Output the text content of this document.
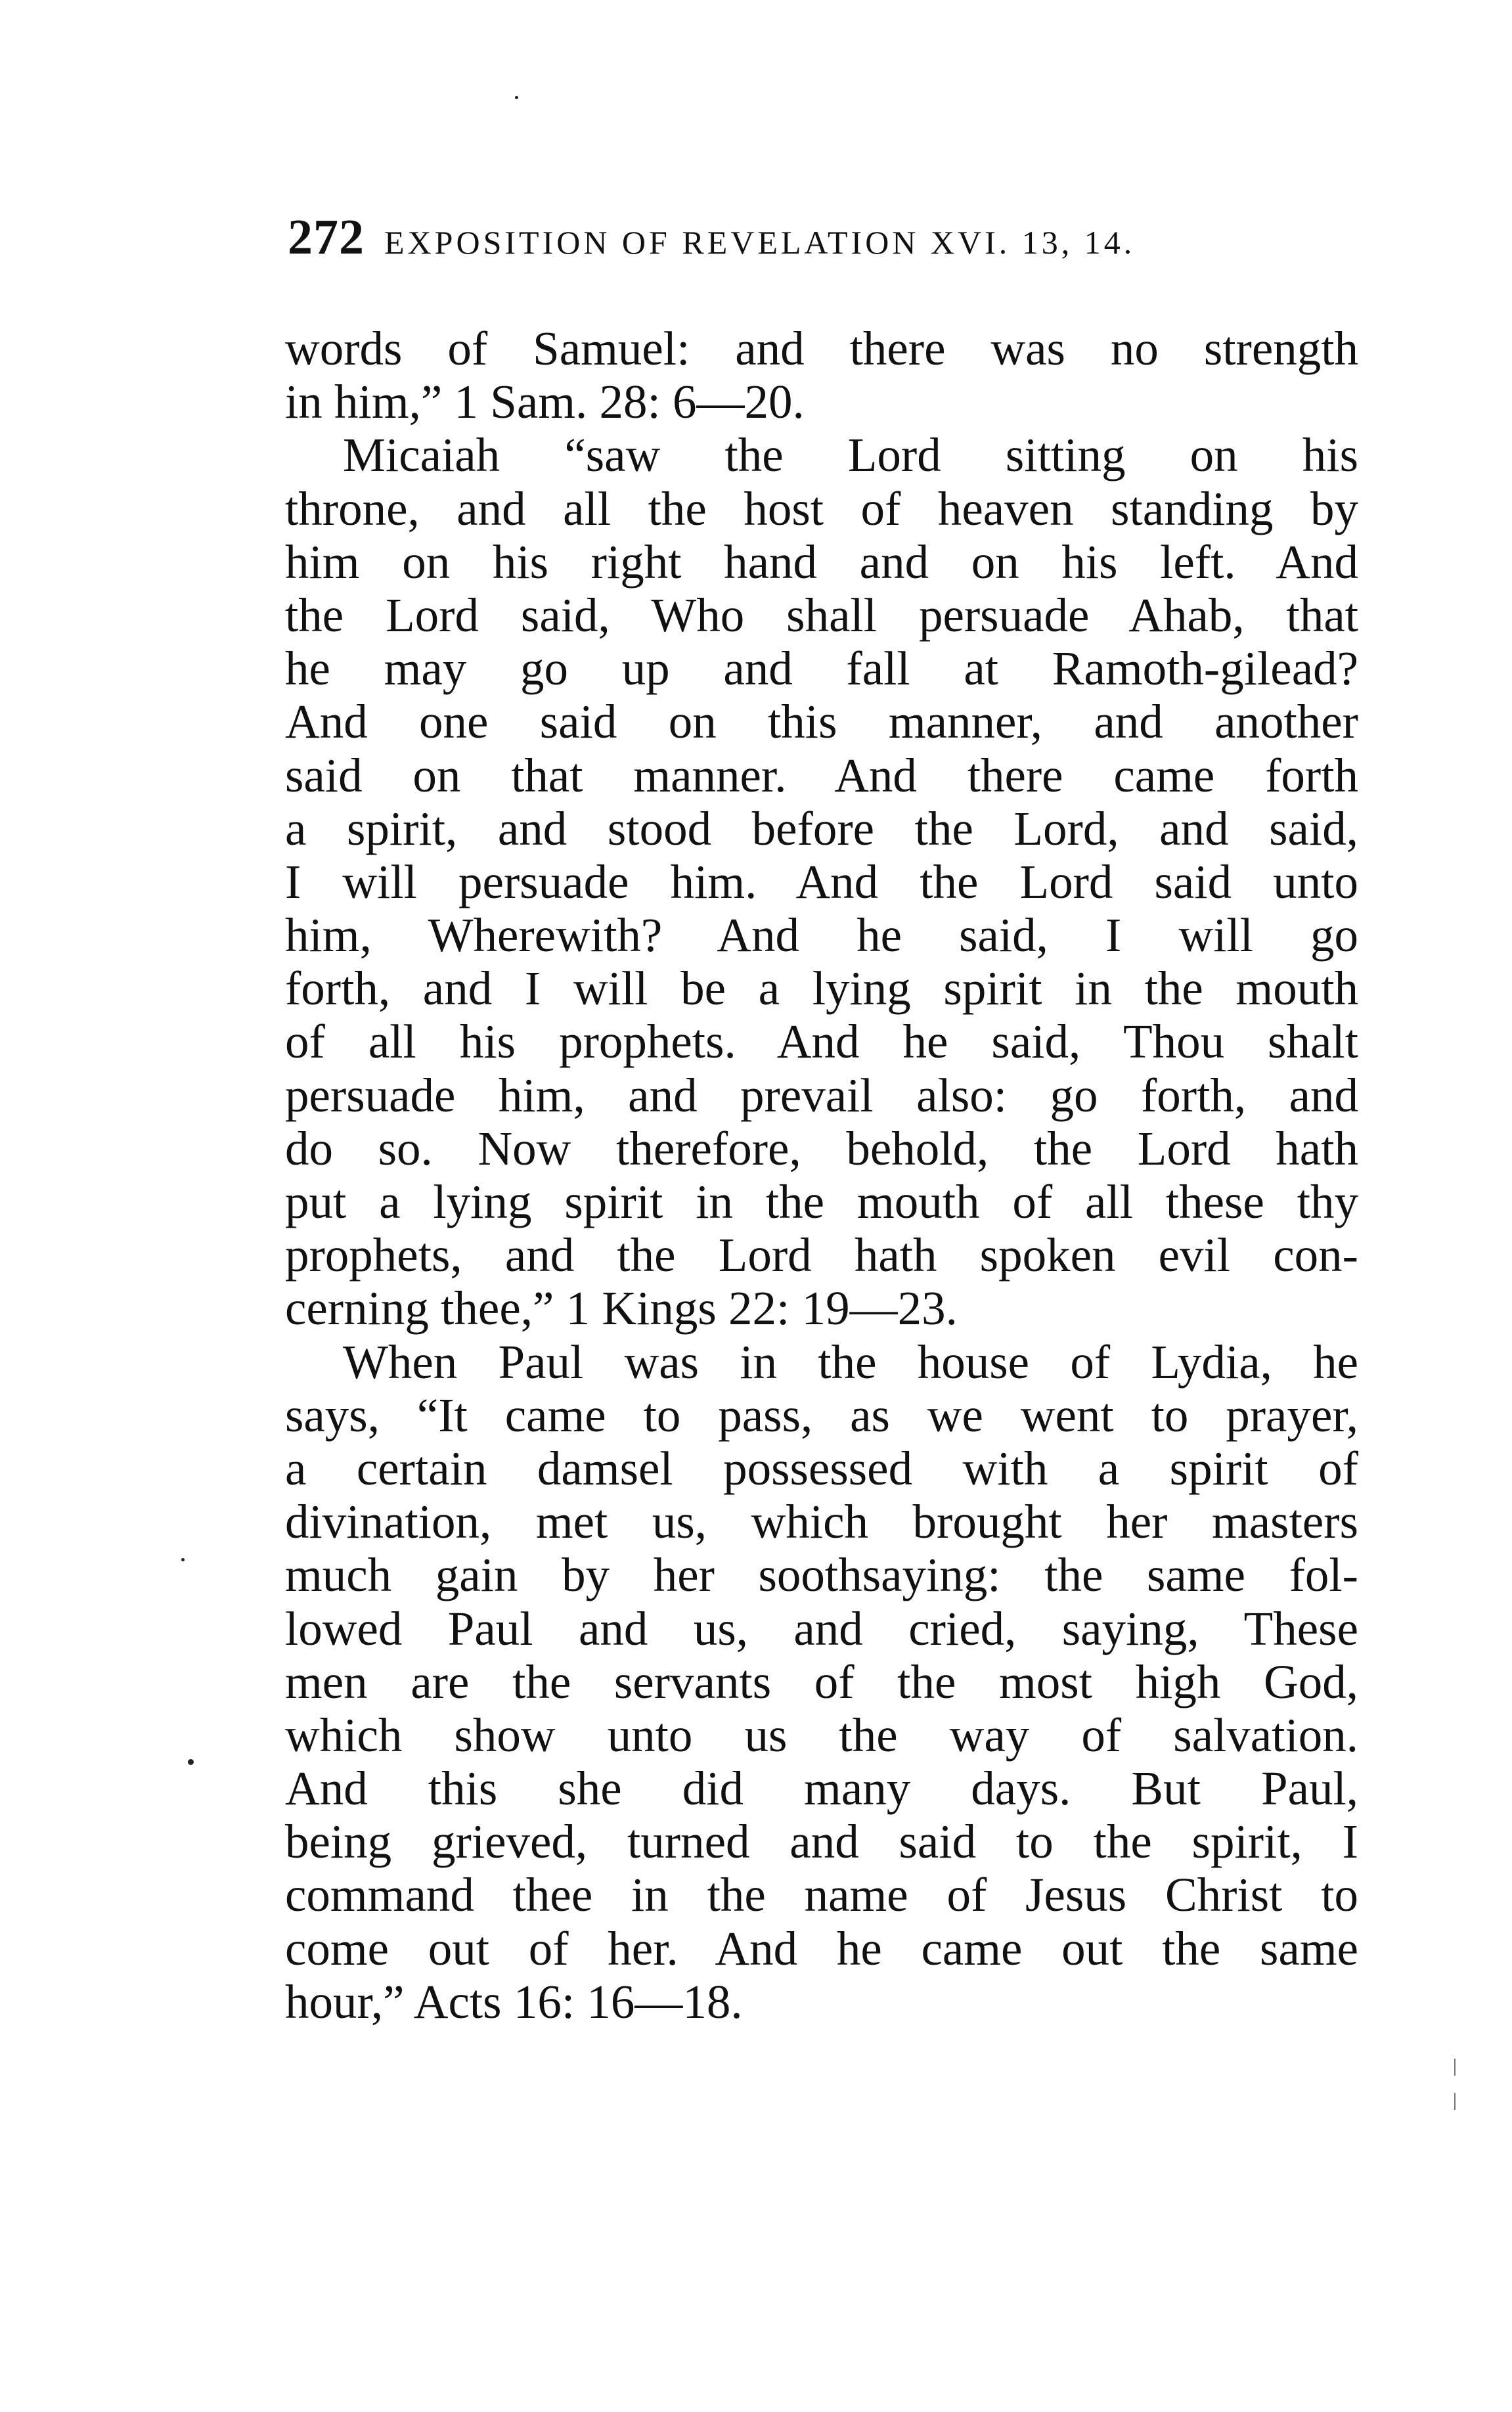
272 EXPOSITION OF REVELATION XVI. 13, 14.
words of Samuel: and there was no strength
in him,” 1 Sam. 28: 6—20.
Micaiah “saw the Lord sitting on his
throne, and all the host of heaven standing by
him on his right hand and on his left. And
the Lord said, Who shall persuade Ahab, that
he may go up and fall at Ramoth-gilead?
And one said on this manner, and another
said on that manner. And there came forth
a spirit, and stood before the Lord, and said,
I will persuade him. And the Lord said unto
him, Wherewith? And he said, I will go
forth, and I will be a lying spirit in the mouth
of all his prophets. And he said, Thou shalt
persuade him, and prevail also: go forth, and
do so. Now therefore, behold, the Lord hath
put a lying spirit in the mouth of all these thy
prophets, and the Lord hath spoken evil con-
cerning thee,” 1 Kings 22: 19—23.
When Paul was in the house of Lydia, he
says, “It came to pass, as we went to prayer,
a certain damsel possessed with a spirit of
divination, met us, which brought her masters
much gain by her soothsaying: the same fol-
lowed Paul and us, and cried, saying, These
men are the servants of the most high God,
which show unto us the way of salvation.
And this she did many days. But Paul,
being grieved, turned and said to the spirit, I
command thee in the name of Jesus Christ to
come out of her. And he came out the same
hour,” Acts 16: 16—18.
